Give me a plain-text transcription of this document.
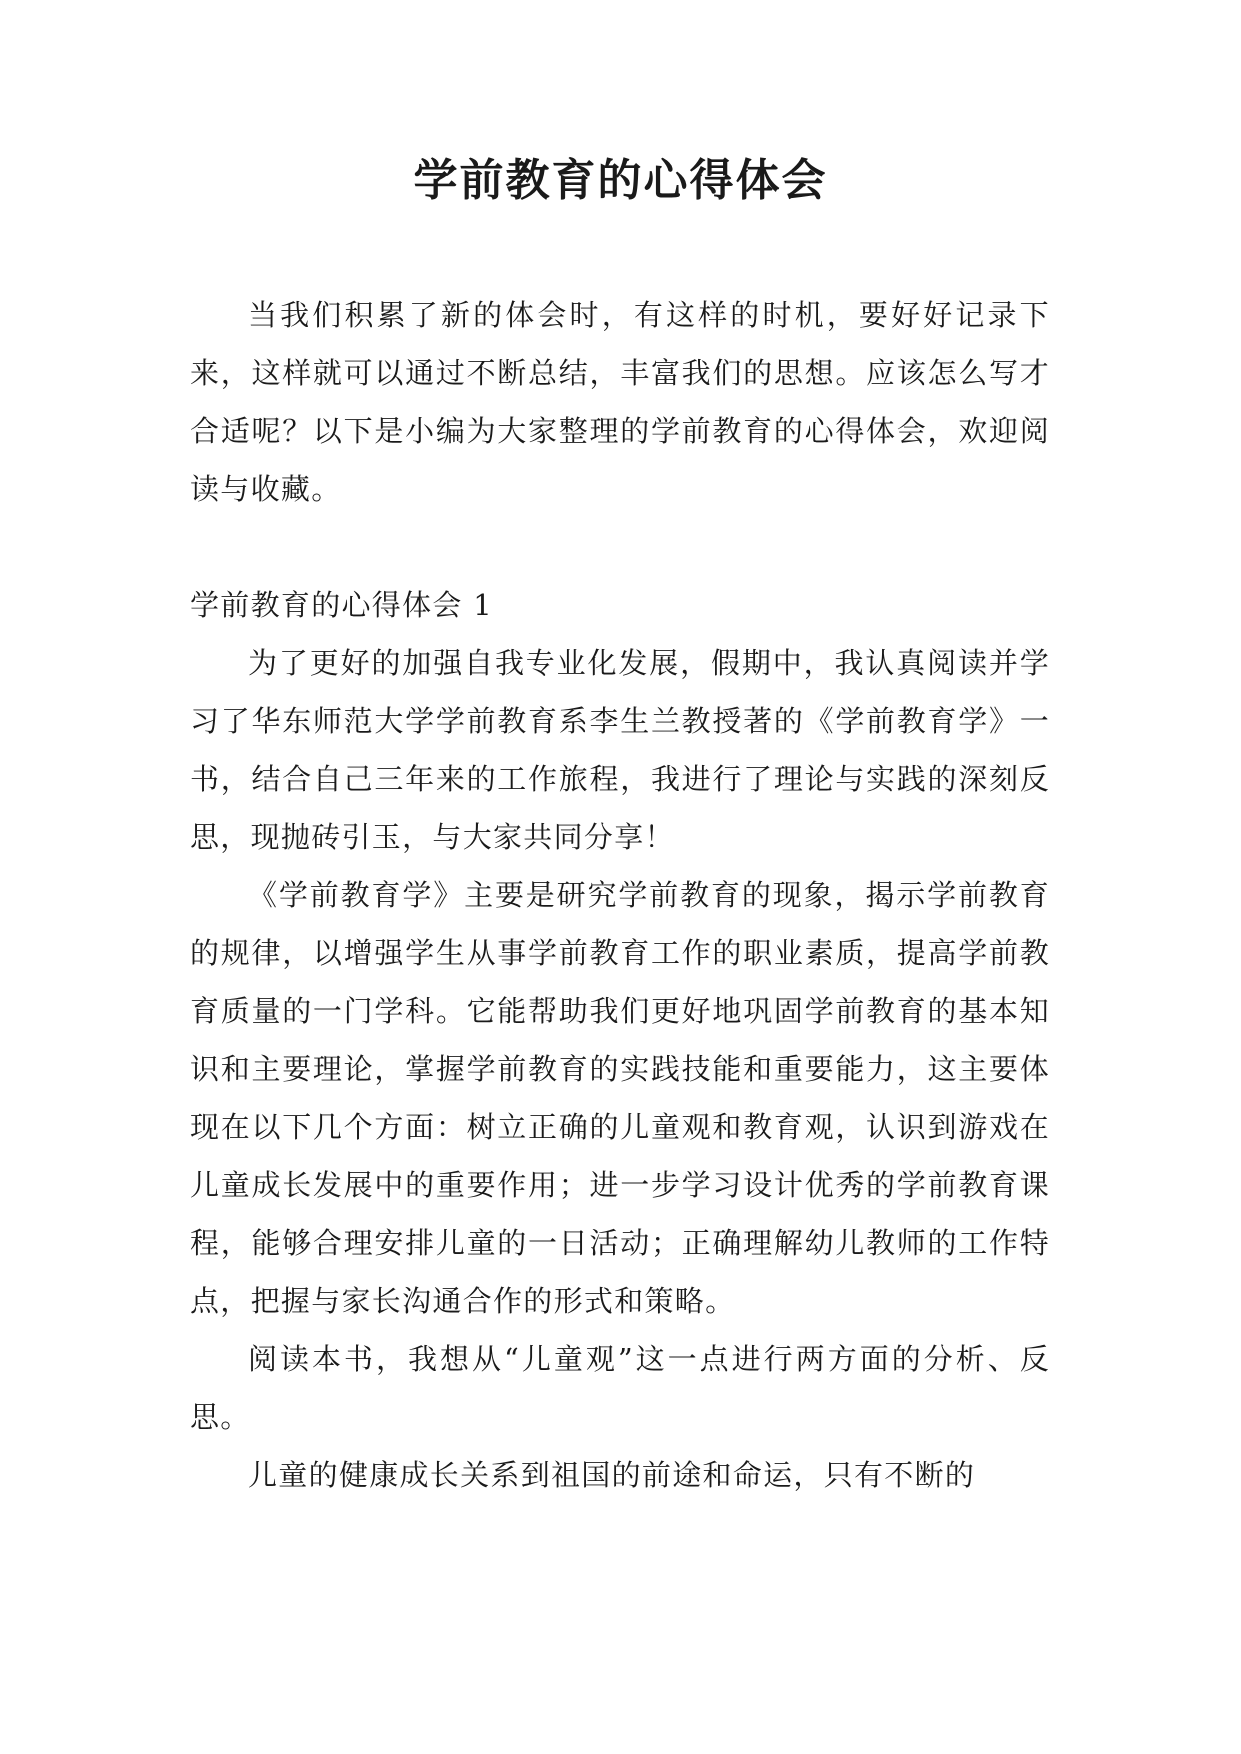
学前教育的心得体会

当我们积累了新的体会时，有这样的时机，要好好记录下来，这样就可以通过不断总结，丰富我们的思想。应该怎么写才合适呢？以下是小编为大家整理的学前教育的心得体会，欢迎阅读与收藏。

学前教育的心得体会 1

为了更好的加强自我专业化发展，假期中，我认真阅读并学习了华东师范大学学前教育系李生兰教授著的《学前教育学》一书，结合自己三年来的工作旅程，我进行了理论与实践的深刻反思，现抛砖引玉，与大家共同分享！

《学前教育学》主要是研究学前教育的现象，揭示学前教育的规律，以增强学生从事学前教育工作的职业素质，提高学前教育质量的一门学科。它能帮助我们更好地巩固学前教育的基本知识和主要理论，掌握学前教育的实践技能和重要能力，这主要体现在以下几个方面：树立正确的儿童观和教育观，认识到游戏在儿童成长发展中的重要作用；进一步学习设计优秀的学前教育课程，能够合理安排儿童的一日活动；正确理解幼儿教师的工作特点，把握与家长沟通合作的形式和策略。

阅读本书，我想从“儿童观”这一点进行两方面的分析、反思。

儿童的健康成长关系到祖国的前途和命运，只有不断的
